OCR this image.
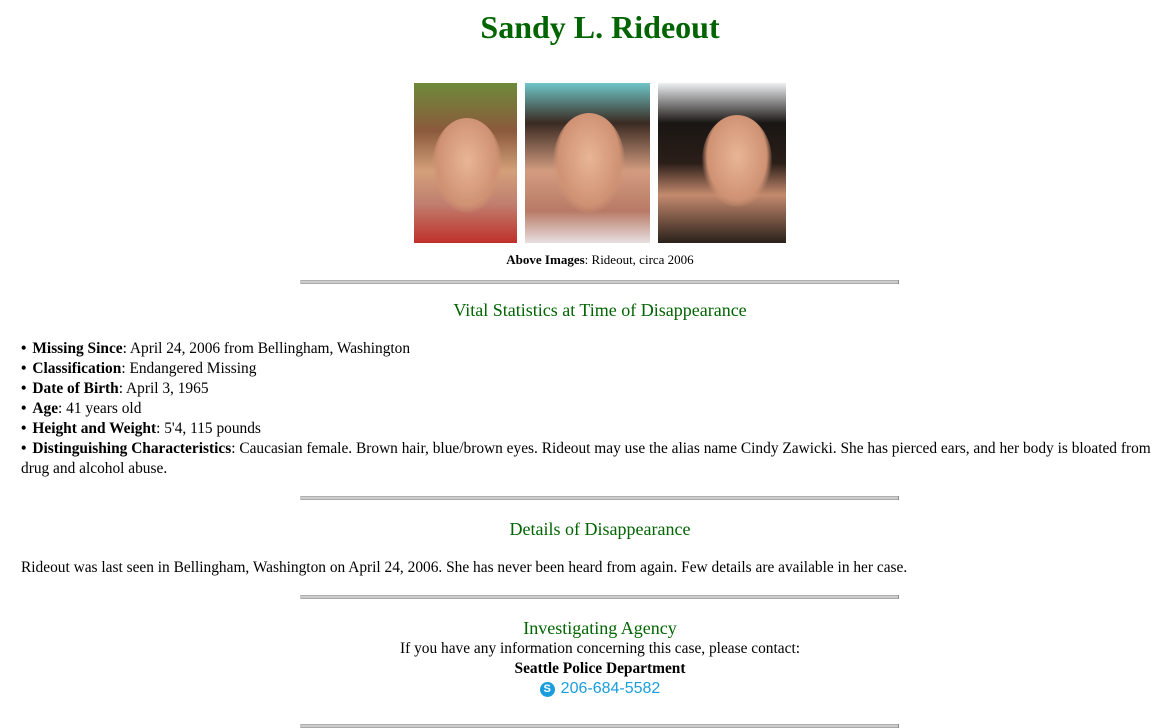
Sandy L. Rideout
Above Images: Rideout, circa 2006
Vital Statistics at Time of Disappearance
• Missing Since: April 24, 2006 from Bellingham, Washington
• Classification: Endangered Missing
• Date of Birth: April 3, 1965
• Age: 41 years old
• Height and Weight: 5'4, 115 pounds
• Distinguishing Characteristics: Caucasian female. Brown hair, blue/brown eyes. Rideout may use the alias name Cindy Zawicki. She has pierced ears, and her body is bloated from drug and alcohol abuse.
Details of Disappearance

Rideout was last seen in Bellingham, Washington on April 24, 2006. She has never been heard from again. Few details are available in her case.

Investigating Agency
If you have any information concerning this case, please contact:
Seattle Police Department
S 206-684-5582
